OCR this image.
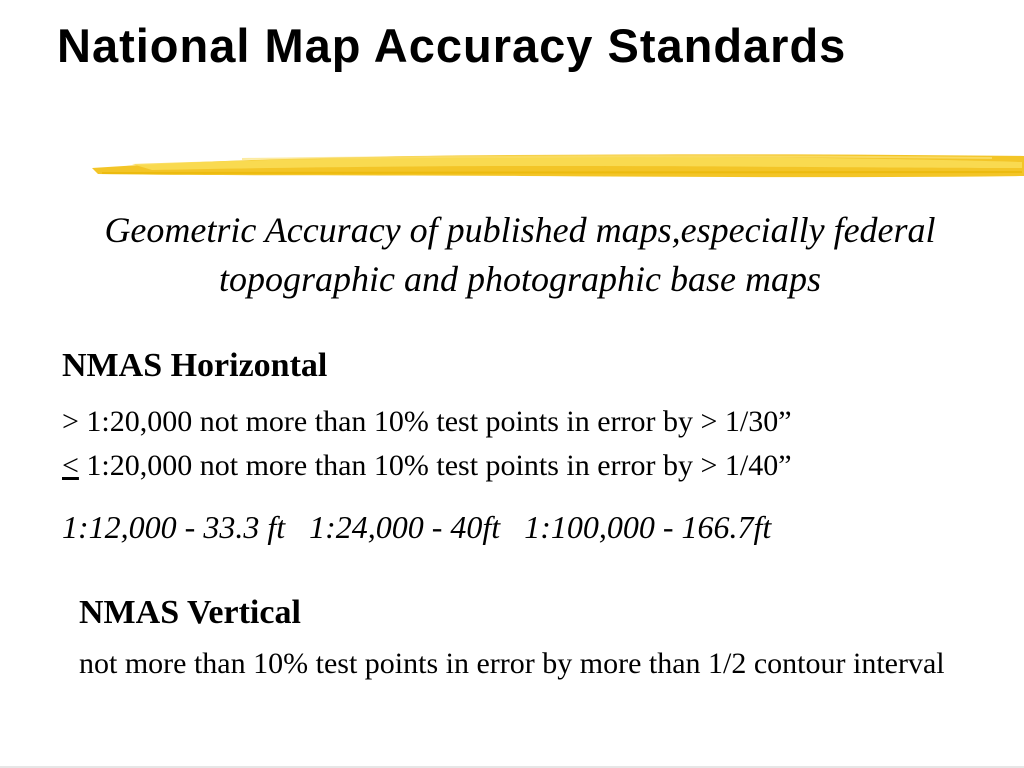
National Map Accuracy Standards
Geometric Accuracy of published maps,especially federal topographic and photographic base maps
NMAS Horizontal
> 1:20,000 not more than 10% test points in error by > 1/30”
≤ 1:20,000 not more than 10% test points in error by > 1/40”
1:12,000 - 33.3 ft   1:24,000 - 40ft   1:100,000 - 166.7ft
NMAS Vertical
not more than 10% test points in error by more than 1/2 contour interval
